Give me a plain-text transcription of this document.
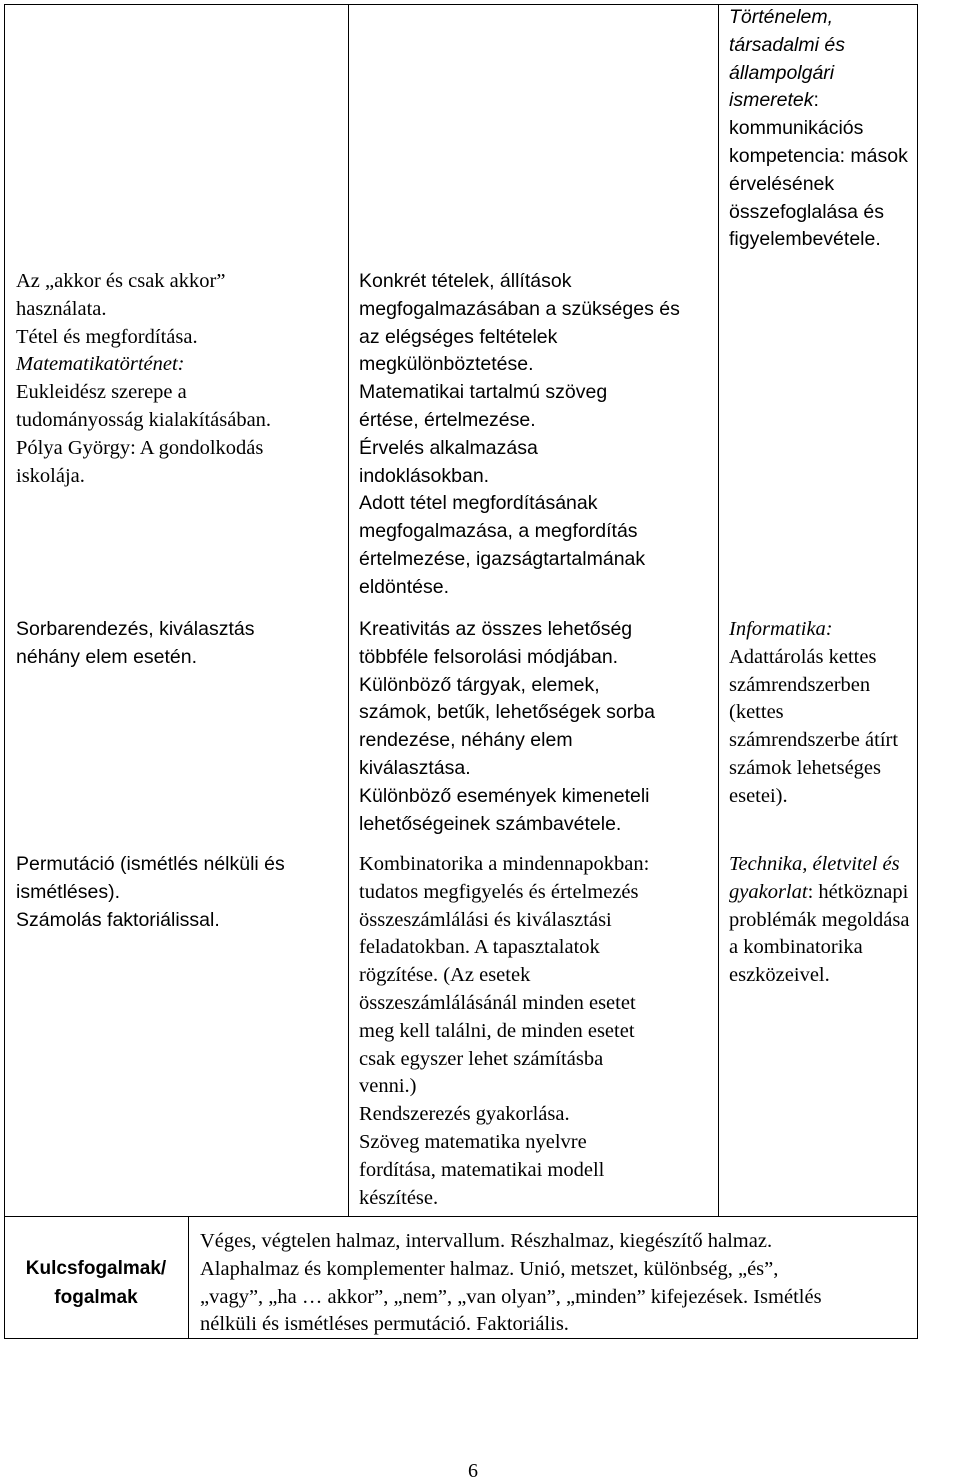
Az „akkor és csak akkor”
használata.
Tétel és megfordítása.
Matematikatörténet:
Eukleidész szerepe a
tudományosság kialakításában.
Pólya György: A gondolkodás
iskolája.
Sorbarendezés, kiválasztás
néhány elem esetén.
Permutáció (ismétlés nélküli és
ismétléses).
Számolás faktoriálissal.
Konkrét tételek, állítások
megfogalmazásában a szükséges és
az elégséges feltételek
megkülönböztetése.
Matematikai tartalmú szöveg
értése, értelmezése.
Érvelés alkalmazása
indoklásokban.
Adott tétel megfordításának
megfogalmazása, a megfordítás
értelmezése, igazságtartalmának
eldöntése.
Kreativitás az összes lehetőség
többféle felsorolási módjában.
Különböző tárgyak, elemek,
számok, betűk, lehetőségek sorba
rendezése, néhány elem
kiválasztása.
Különböző események kimeneteli
lehetőségeinek számbavétele.
Kombinatorika a mindennapokban:
tudatos megfigyelés és értelmezés
összeszámlálási és kiválasztási
feladatokban. A tapasztalatok
rögzítése. (Az esetek
összeszámlálásánál minden esetet
meg kell találni, de minden esetet
csak egyszer lehet számításba
venni.)
Rendszerezés gyakorlása.
Szöveg matematika nyelvre
fordítása, matematikai modell
készítése.
Történelem,
társadalmi és
állampolgári
ismeretek:
kommunikációs
kompetencia: mások
érvelésének
összefoglalása és
figyelembevétele.
Informatika:
Adattárolás kettes
számrendszerben
(kettes
számrendszerbe átírt
számok lehetséges
esetei).
Technika, életvitel és
gyakorlat: hétköznapi
problémák megoldása
a kombinatorika
eszközeivel.
Kulcsfogalmak/
fogalmak
Véges, végtelen halmaz, intervallum. Részhalmaz, kiegészítő halmaz.
Alaphalmaz és komplementer halmaz. Unió, metszet, különbség, „és”,
„vagy”, „ha … akkor”, „nem”, „van olyan”, „minden” kifejezések. Ismétlés
nélküli és ismétléses permutáció. Faktoriális.
6
